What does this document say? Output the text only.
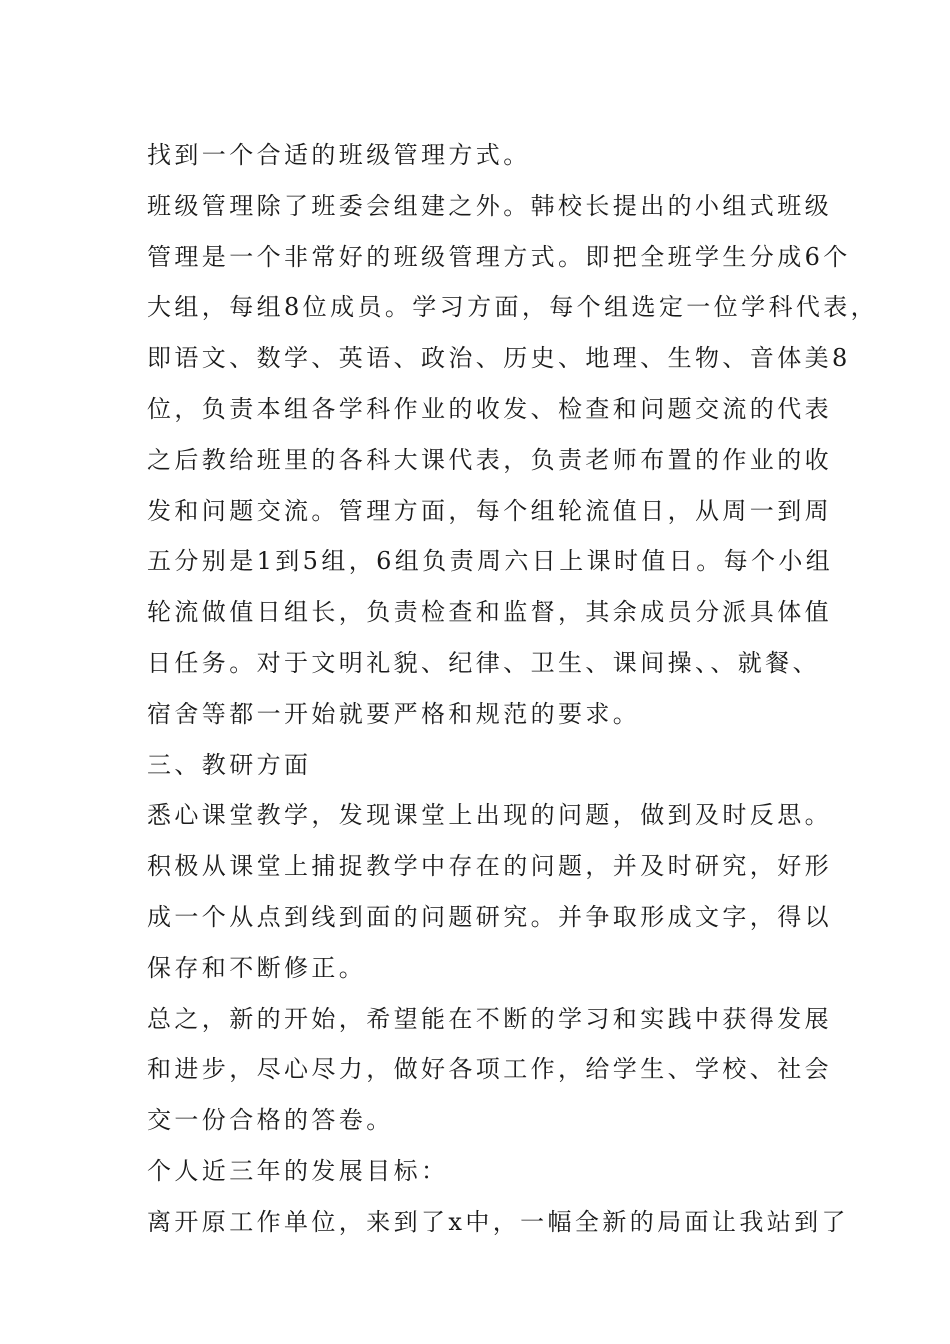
找到一个合适的班级管理方式。
班级管理除了班委会组建之外。韩校长提出的小组式班级
管理是一个非常好的班级管理方式。即把全班学生分成6个
大组，每组8位成员。学习方面，每个组选定一位学科代表，
即语文、数学、英语、政治、历史、地理、生物、音体美8
位，负责本组各学科作业的收发、检查和问题交流的代表
之后教给班里的各科大课代表，负责老师布置的作业的收
发和问题交流。管理方面，每个组轮流值日，从周一到周
五分别是1到5组，6组负责周六日上课时值日。每个小组
轮流做值日组长，负责检查和监督，其余成员分派具体值
日任务。对于文明礼貌、纪律、卫生、课间操、、就餐、
宿舍等都一开始就要严格和规范的要求。
三、教研方面
悉心课堂教学，发现课堂上出现的问题，做到及时反思。
积极从课堂上捕捉教学中存在的问题，并及时研究，好形
成一个从点到线到面的问题研究。并争取形成文字，得以
保存和不断修正。
总之，新的开始，希望能在不断的学习和实践中获得发展
和进步，尽心尽力，做好各项工作，给学生、学校、社会
交一份合格的答卷。
个人近三年的发展目标：
离开原工作单位，来到了x中，一幅全新的局面让我站到了
